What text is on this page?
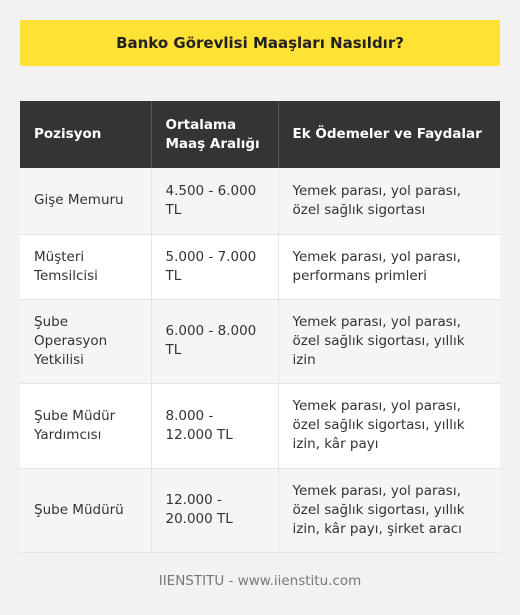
Banko Görevlisi Maaşları Nasıldır?
Pozisyon	Ortalama Maaş Aralığı	Ek Ödemeler ve Faydalar
Gişe Memuru	4.500 - 6.000 TL	Yemek parası, yol parası, özel sağlık sigortası
Müşteri Temsilcisi	5.000 - 7.000 TL	Yemek parası, yol parası, performans primleri
Şube Operasyon Yetkilisi	6.000 - 8.000 TL	Yemek parası, yol parası, özel sağlık sigortası, yıllık izin
Şube Müdür Yardımcısı	8.000 - 12.000 TL	Yemek parası, yol parası, özel sağlık sigortası, yıllık izin, kâr payı
Şube Müdürü	12.000 - 20.000 TL	Yemek parası, yol parası, özel sağlık sigortası, yıllık izin, kâr payı, şirket aracı
IIENSTITU - www.iienstitu.com
